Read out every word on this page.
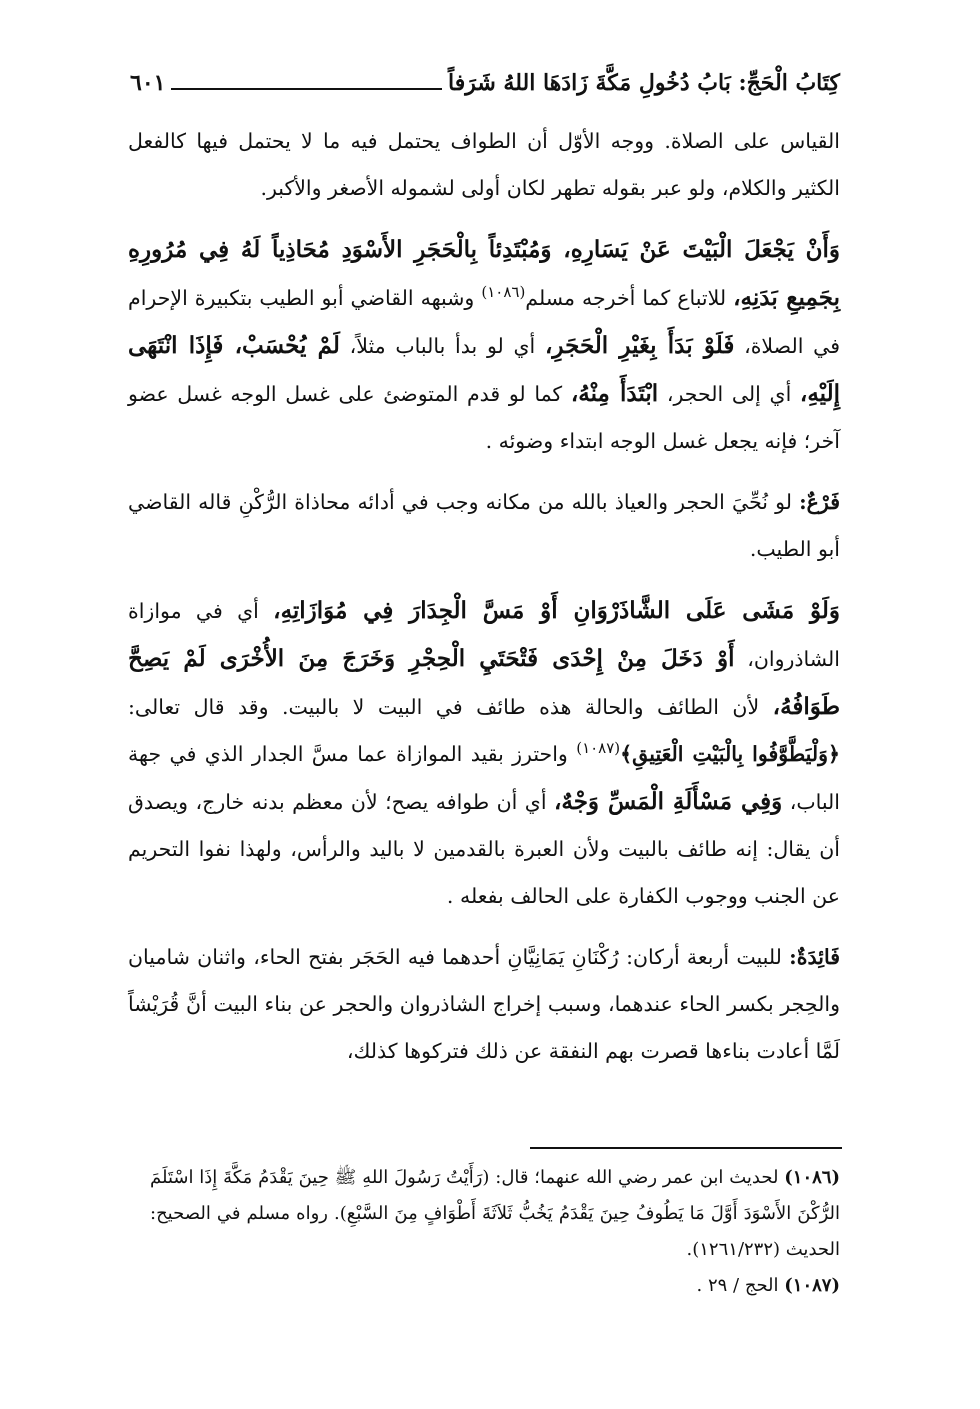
كِتَابُ الْحَجِّ: بَابُ دُخُولِ مَكَّةَ زَادَهَا اللهُ شَرَفاً
٦٠١

القياس على الصلاة. ووجه الأوّل أن الطواف يحتمل فيه ما لا يحتمل فيها كالفعل الكثير والكلام، ولو عبر بقوله تطهر لكان أولى لشموله الأصغر والأكبر.

وَأَنْ يَجْعَلَ الْبَيْتَ عَنْ يَسَارِهِ، وَمُبْتَدِئاً بِالْحَجَرِ الأَسْوَدِ مُحَاذِياً لَهُ فِي مُرُورِهِ بِجَمِيعِ بَدَنِهِ، للاتباع كما أخرجه مسلم$^{(١٠٨٦)}$ وشبهه القاضي أبو الطيب بتكبيرة الإحرام في الصلاة، فَلَوْ بَدَأَ بِغَيْرِ الْحَجَرِ، أي لو بدأ بالباب مثلاً، لَمْ يُحْسَبْ، فَإِذَا انْتَهَى إِلَيْهِ، أي إلى الحجر، ابْتَدَأَ مِنْهُ، كما لو قدم المتوضئ على غسل الوجه غسل عضو آخر؛ فإنه يجعل غسل الوجه ابتداء وضوئه .

فَرْعٌ: لو نُحِّيَ الحجر والعياذ بالله من مكانه وجب في أدائه محاذاة الرُّكْنِ قاله القاضي أبو الطيب.

وَلَوْ مَشَى عَلَى الشَّاذَرْوَانِ أَوْ مَسَّ الْجِدَارَ فِي مُوَازَاتِهِ، أي في موازاة الشاذروان، أَوْ دَخَلَ مِنْ إِحْدَى فَتْحَتَيِ الْحِجْرِ وَخَرَجَ مِنَ الأُخْرَى لَمْ يَصِحَّ طَوَافُهُ، لأن الطائف والحالة هذه طائف في البيت لا بالبيت. وقد قال تعالى: ﴿وَلْيَطَّوَّفُوا بِالْبَيْتِ الْعَتِيقِ﴾$^{(١٠٨٧)}$ واحترز بقيد الموازاة عما مسَّ الجدار الذي في جهة الباب، وَفِي مَسْأَلَةِ الْمَسِّ وَجْهٌ، أي أن طوافه يصح؛ لأن معظم بدنه خارج، ويصدق أن يقال: إنه طائف بالبيت ولأن العبرة بالقدمين لا باليد والرأس، ولهذا نفوا التحريم عن الجنب ووجوب الكفارة على الحالف بفعله .

فَائِدَةٌ: للبيت أربعة أركان: رُكْنَانِ يَمَانِيَّانِ أحدهما فيه الحَجَر بفتح الحاء، واثنان شاميان والحِجر بكسر الحاء عندهما، وسبب إخراج الشاذروان والحجر عن بناء البيت أنَّ قُرَيْشاً لَمَّا أعادت بناءها قصرت بهم النفقة عن ذلك فتركوها كذلك،

(١٠٨٦) لحديث ابن عمر رضي الله عنهما؛ قال: (رَأَيْتُ رَسُولَ اللهِ ﷺ حِينَ يَقْدَمُ مَكَّةَ إِذَا اسْتَلَمَ الرُّكْنَ الأَسْوَدَ أَوَّلَ مَا يَطُوفُ حِينَ يَقْدَمُ يَخُبُّ ثَلاَثَةَ أَطْوَافٍ مِنَ السَّبْعِ). رواه مسلم في الصحيح: الحديث (١٢٦١/٢٣٢).

(١٠٨٧) الحج / ٢٩ .
